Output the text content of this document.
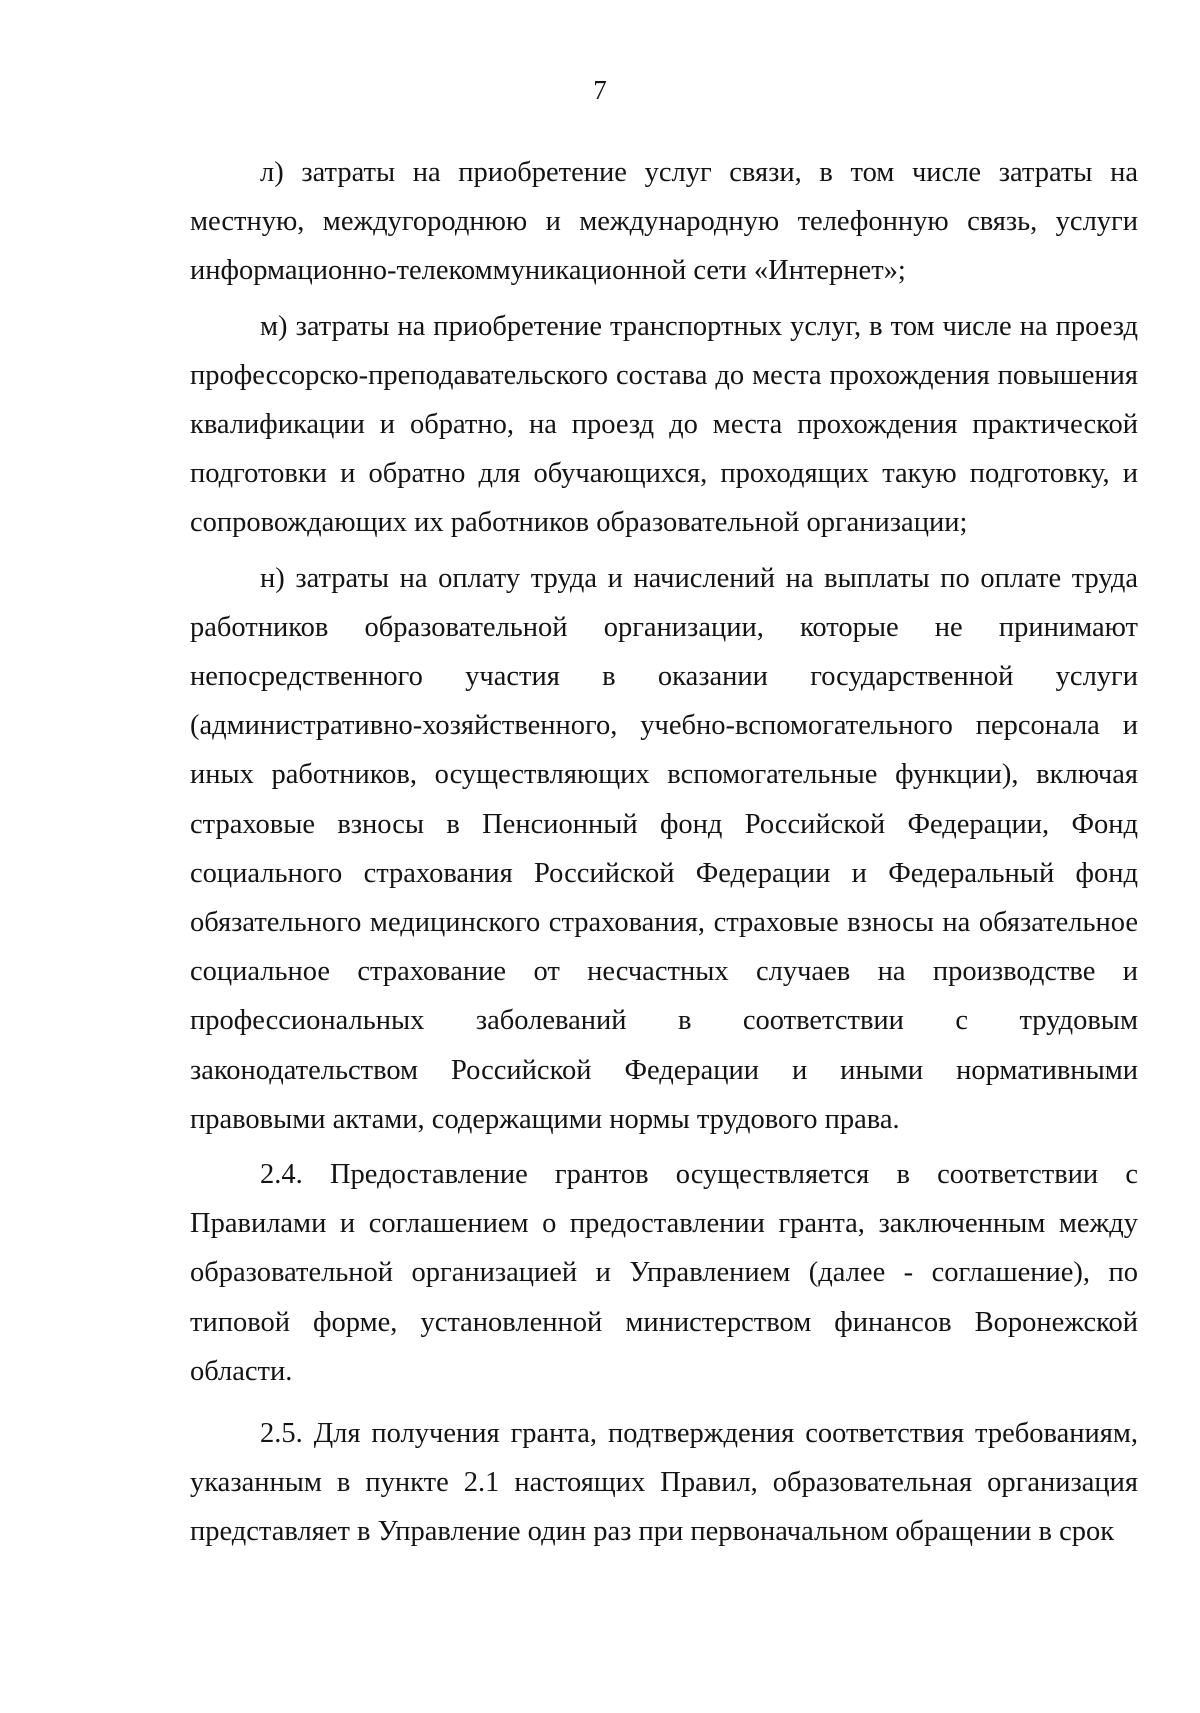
7

л) затраты на приобретение услуг связи, в том числе затраты на местную, междугороднюю и международную телефонную связь, услуги информационно-телекоммуникационной сети «Интернет»;

м) затраты на приобретение транспортных услуг, в том числе на проезд профессорско-преподавательского состава до места прохождения повышения квалификации и обратно, на проезд до места прохождения практической подготовки и обратно для обучающихся, проходящих такую подготовку, и сопровождающих их работников образовательной организации;

н) затраты на оплату труда и начислений на выплаты по оплате труда работников образовательной организации, которые не принимают непосредственного участия в оказании государственной услуги (административно-хозяйственного, учебно-вспомогательного персонала и иных работников, осуществляющих вспомогательные функции), включая страховые взносы в Пенсионный фонд Российской Федерации, Фонд социального страхования Российской Федерации и Федеральный фонд обязательного медицинского страхования, страховые взносы на обязательное социальное страхование от несчастных случаев на производстве и профессиональных заболеваний в соответствии с трудовым законодательством Российской Федерации и иными нормативными правовыми актами, содержащими нормы трудового права.

2.4. Предоставление грантов осуществляется в соответствии с Правилами и соглашением о предоставлении гранта, заключенным между образовательной организацией и Управлением (далее - соглашение), по типовой форме, установленной министерством финансов Воронежской области.

2.5. Для получения гранта, подтверждения соответствия требованиям, указанным в пункте 2.1 настоящих Правил, образовательная организация представляет в Управление один раз при первоначальном обращении в срок
